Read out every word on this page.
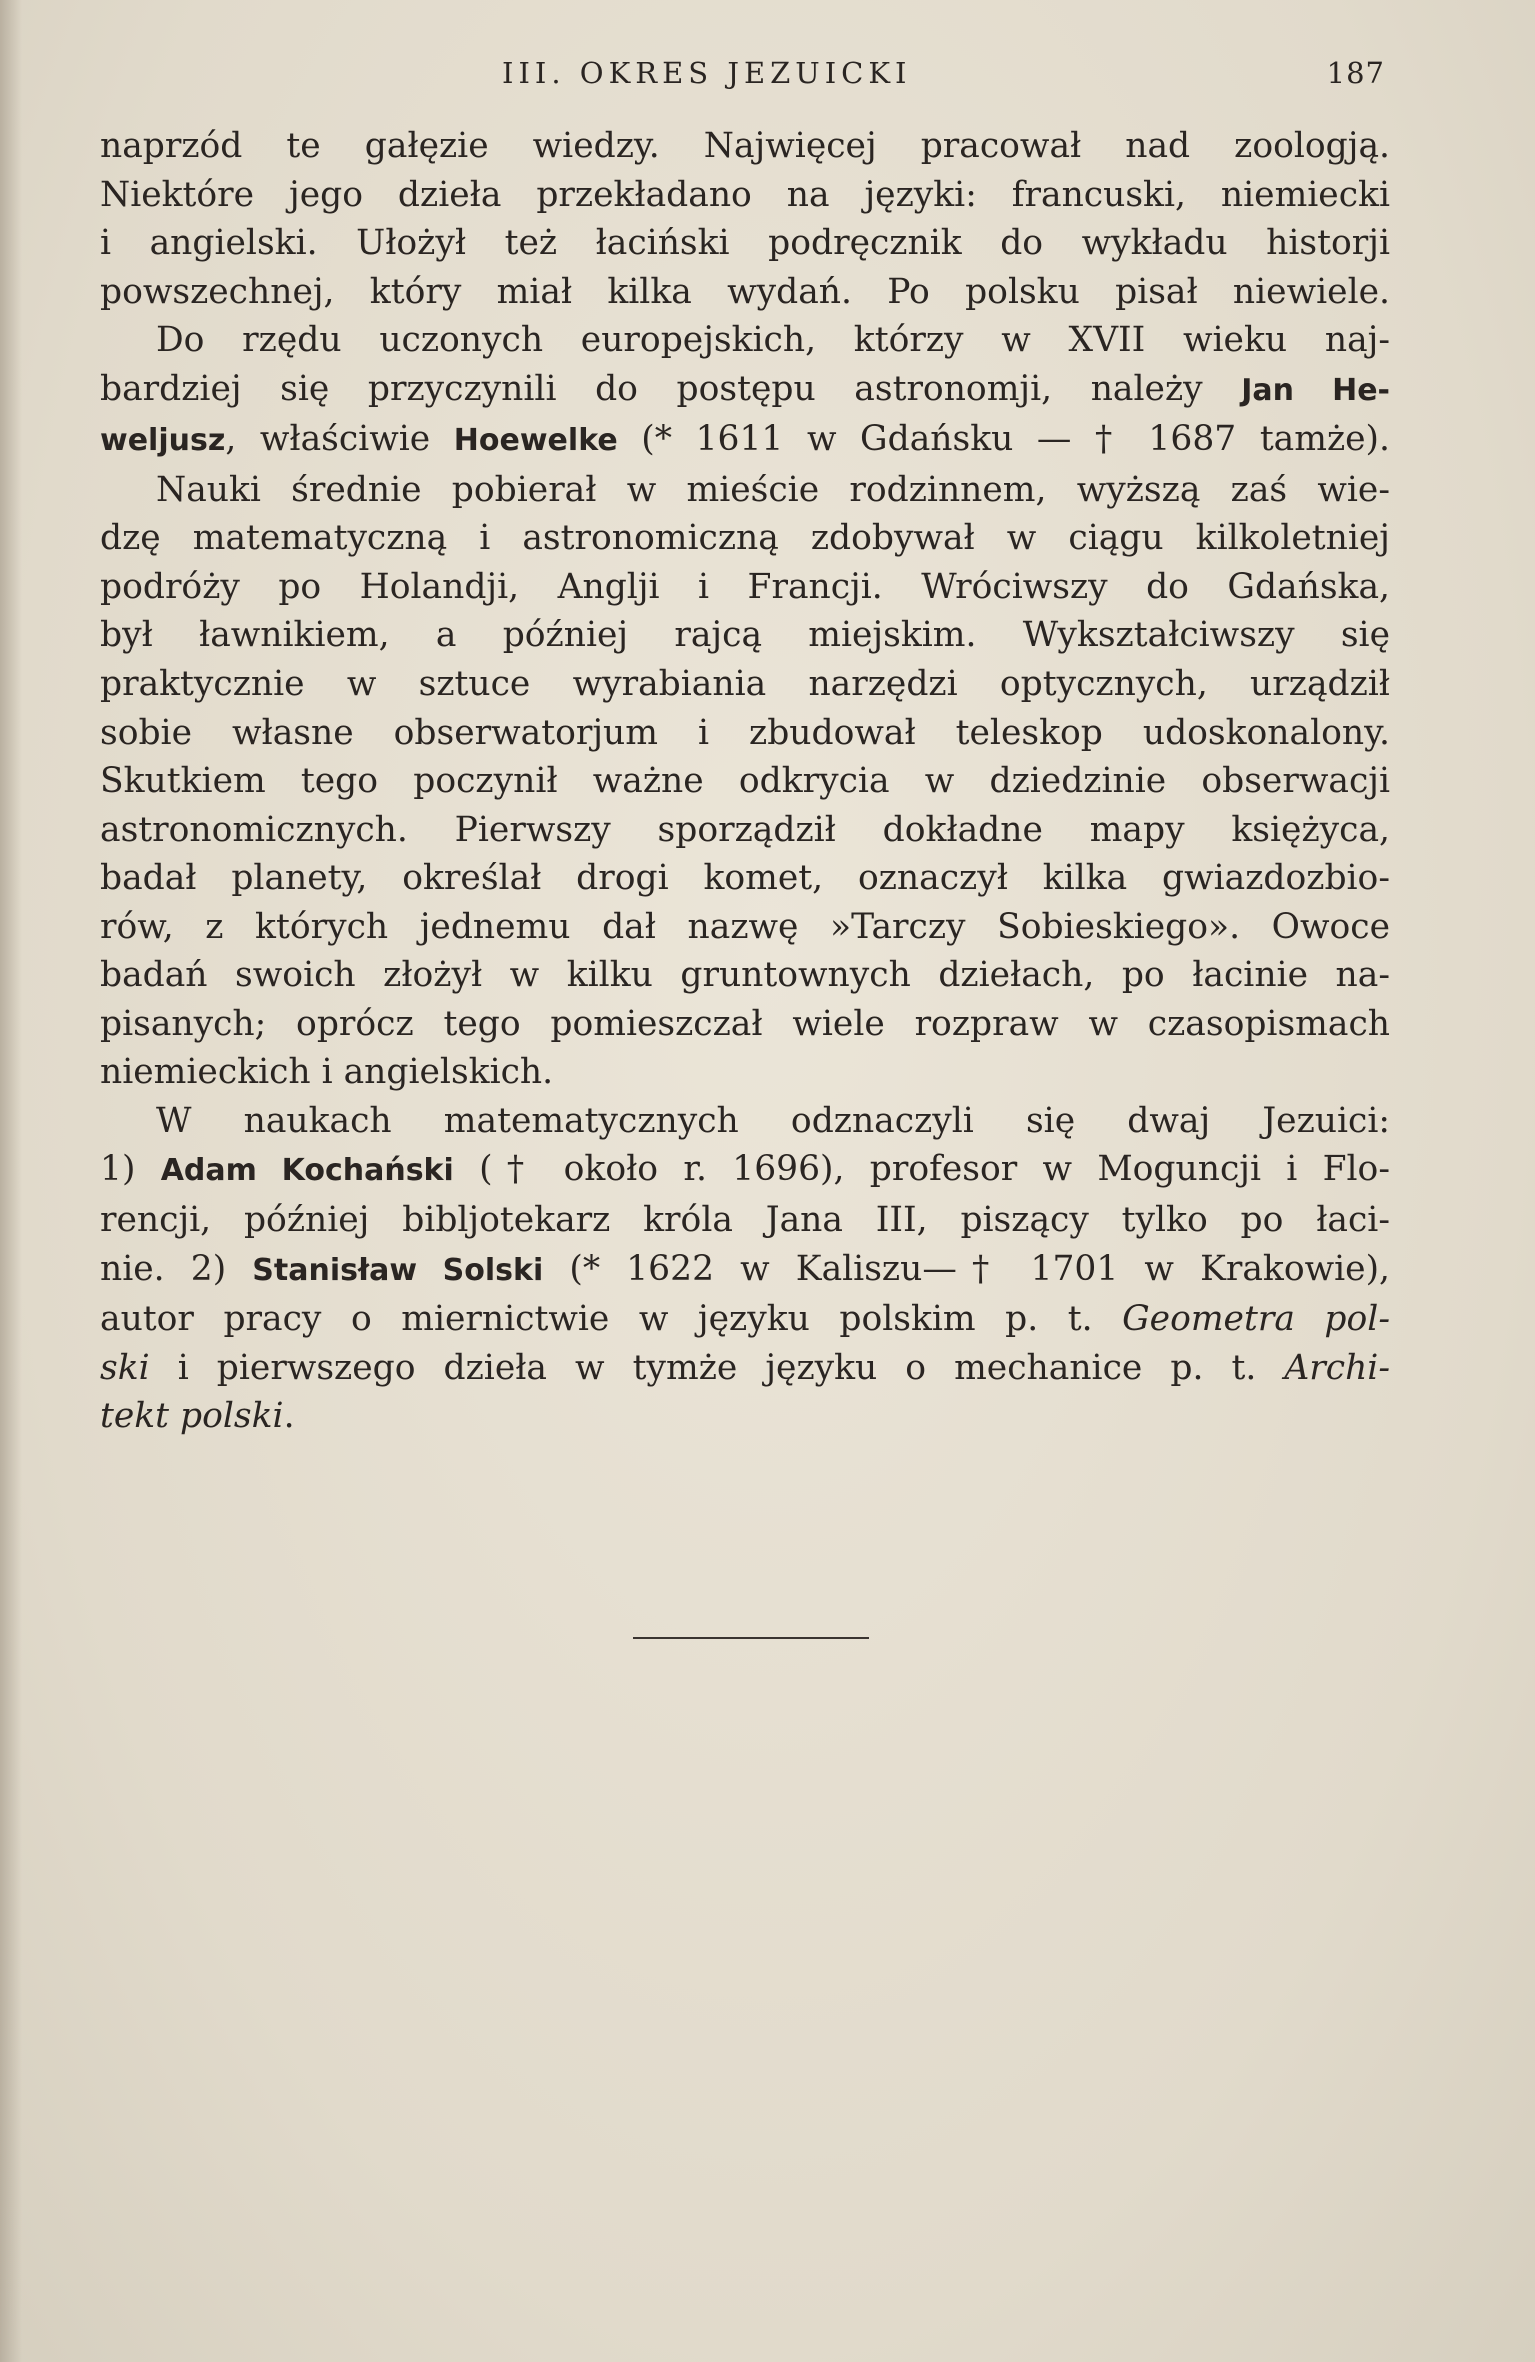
III. OKRES JEZUICKI	187
naprzód te gałęzie wiedzy. Najwięcej pracował nad zoologją.
Niektóre jego dzieła przekładano na języki: francuski, niemiecki
i angielski. Ułożył też łaciński podręcznik do wykładu historji
powszechnej, który miał kilka wydań. Po polsku pisał niewiele.
Do rzędu uczonych europejskich, którzy w XVII wieku naj-
bardziej się przyczynili do postępu astronomji, należy Jan He-
weljusz, właściwie Hoewelke (* 1611 w Gdańsku — † 1687 tamże).
Nauki średnie pobierał w mieście rodzinnem, wyższą zaś wie-
dzę matematyczną i astronomiczną zdobywał w ciągu kilkoletniej
podróży po Holandji, Anglji i Francji. Wróciwszy do Gdańska,
był ławnikiem, a później rajcą miejskim. Wykształciwszy się
praktycznie w sztuce wyrabiania narzędzi optycznych, urządził
sobie własne obserwatorjum i zbudował teleskop udoskonalony.
Skutkiem tego poczynił ważne odkrycia w dziedzinie obserwacji
astronomicznych. Pierwszy sporządził dokładne mapy księżyca,
badał planety, określał drogi komet, oznaczył kilka gwiazdozbio-
rów, z których jednemu dał nazwę »Tarczy Sobieskiego». Owoce
badań swoich złożył w kilku gruntownych dziełach, po łacinie na-
pisanych; oprócz tego pomieszczał wiele rozpraw w czasopismach
niemieckich i angielskich.
W naukach matematycznych odznaczyli się dwaj Jezuici:
1) Adam Kochański († około r. 1696), profesor w Moguncji i Flo-
rencji, później bibljotekarz króla Jana III, piszący tylko po łaci-
nie. 2) Stanisław Solski (* 1622 w Kaliszu—† 1701 w Krakowie),
autor pracy o miernictwie w języku polskim p. t. Geometra pol-
ski i pierwszego dzieła w tymże języku o mechanice p. t. Archi-
tekt polski.
